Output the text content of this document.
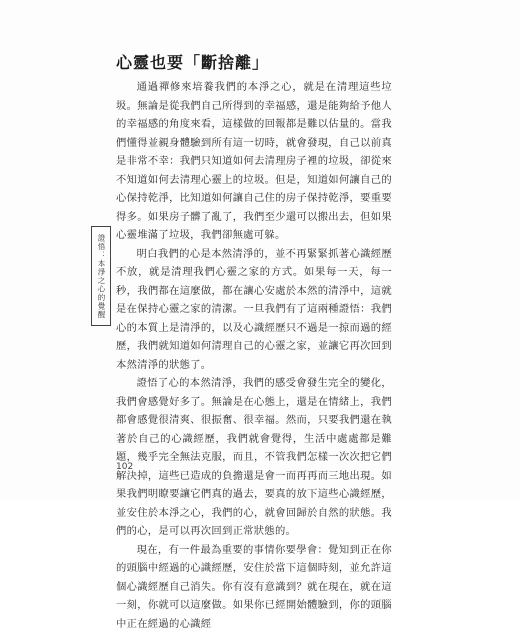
心靈也要「斷捨離」
證悟：本淨之心的覺醒

通過禪修來培養我們的本淨之心，就是在清理這些垃圾。無論是從我們自己所得到的幸福感，還是能夠給予他人的幸福感的角度來看，這樣做的回報都是難以估量的。當我們懂得並親身體驗到所有這一切時，就會發現，自己以前真是非常不幸：我們只知道如何去清理房子裡的垃圾，卻從來不知道如何去清理心靈上的垃圾。但是，知道如何讓自己的心保持乾淨，比知道如何讓自己住的房子保持乾淨，要重要得多。如果房子髒了亂了，我們至少還可以搬出去，但如果心靈堆滿了垃圾，我們卻無處可躲。

明白我們的心是本然清淨的，並不再緊緊抓著心識經歷不放，就是清理我們心靈之家的方式。如果每一天，每一秒，我們都在這麼做，都在讓心安處於本然的清淨中，這就是在保持心靈之家的清潔。一旦我們有了這兩種證悟：我們心的本質上是清淨的，以及心識經歷只不過是一掠而過的經歷，我們就知道如何清理自己的心靈之家，並讓它再次回到本然清淨的狀態了。

證悟了心的本然清淨，我們的感受會發生完全的變化，我們會感覺好多了。無論是在心態上，還是在情緒上，我們都會感覺很清爽、很振奮、很幸福。然而，只要我們還在執著於自己的心識經歷，我們就會覺得，生活中處處都是難題，幾乎完全無法克服，而且，不管我們怎樣一次次把它們解決掉，這些已造成的負擔還是會一而再再而三地出現。如果我們明瞭要讓它們真的過去，要真的放下這些心識經歷，並安住於本淨之心，我們的心，就會回歸於自然的狀態。我們的心，是可以再次回到正常狀態的。

現在，有一件最為重要的事情你要學會：覺知到正在你的頭腦中經過的心識經歷，安住於當下這個時刻，並允許這個心識經歷自己消失。你有沒有意識到？就在現在，就在這一刻，你就可以這麼做。如果你已經開始體驗到，你的頭腦中正在經過的心識經

102
